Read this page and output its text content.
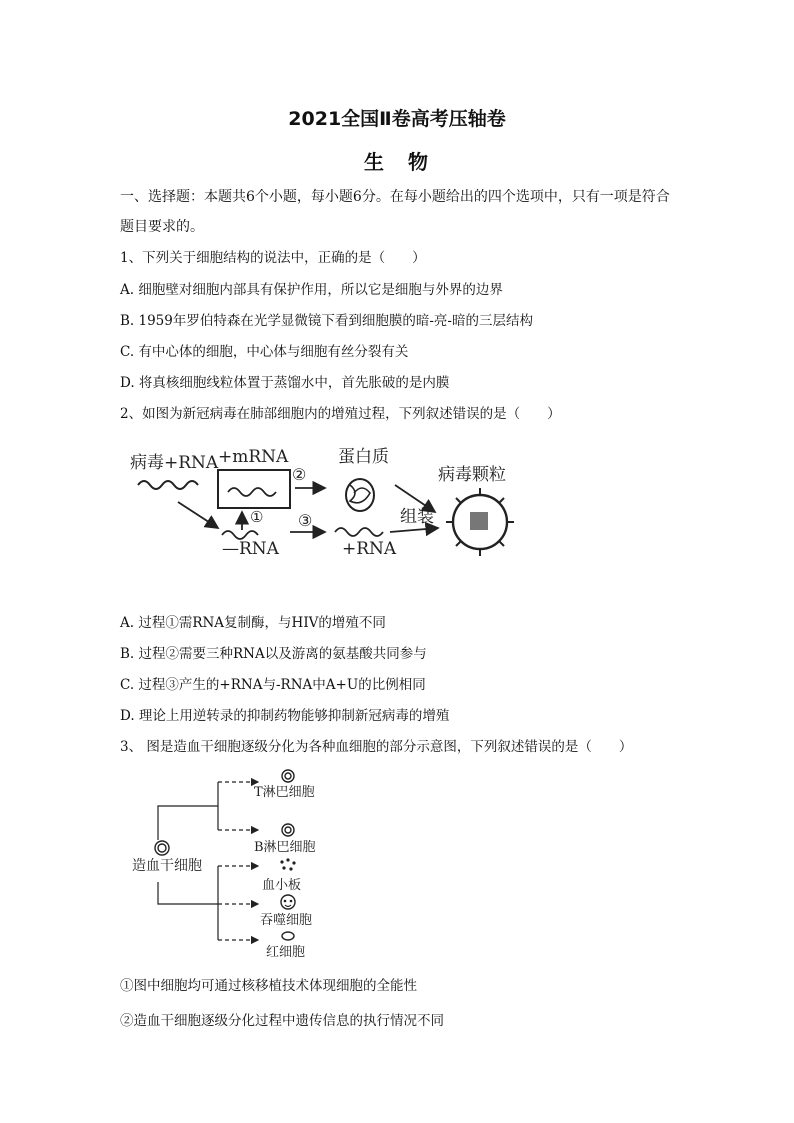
2021全国Ⅱ卷高考压轴卷
生　物
一、选择题：本题共6个小题，每小题6分。在每小题给出的四个选项中，只有一项是符合题目要求的。
1、下列关于细胞结构的说法中，正确的是（　　）
A. 细胞壁对细胞内部具有保护作用，所以它是细胞与外界的边界
B. 1959年罗伯特森在光学显微镜下看到细胞膜的暗-亮-暗的三层结构
C. 有中心体的细胞，中心体与细胞有丝分裂有关
D. 将真核细胞线粒体置于蒸馏水中，首先胀破的是内膜
2、如图为新冠病毒在肺部细胞内的增殖过程，下列叙述错误的是（　　）
病毒+RNA +mRNA
②
蛋白质
病毒颗粒
①
—RNA
③
+RNA
组装
A. 过程①需RNA复制酶，与HIV的增殖不同
B. 过程②需要三种RNA以及游离的氨基酸共同参与
C. 过程③产生的+RNA与-RNA中A+U的比例相同
D. 理论上用逆转录的抑制药物能够抑制新冠病毒的增殖
3、 图是造血干细胞逐级分化为各种血细胞的部分示意图，下列叙述错误的是（　　）
造血干细胞
T淋巴细胞
B淋巴细胞
血小板
吞噬细胞
红细胞
①图中细胞均可通过核移植技术体现细胞的全能性
②造血干细胞逐级分化过程中遗传信息的执行情况不同
